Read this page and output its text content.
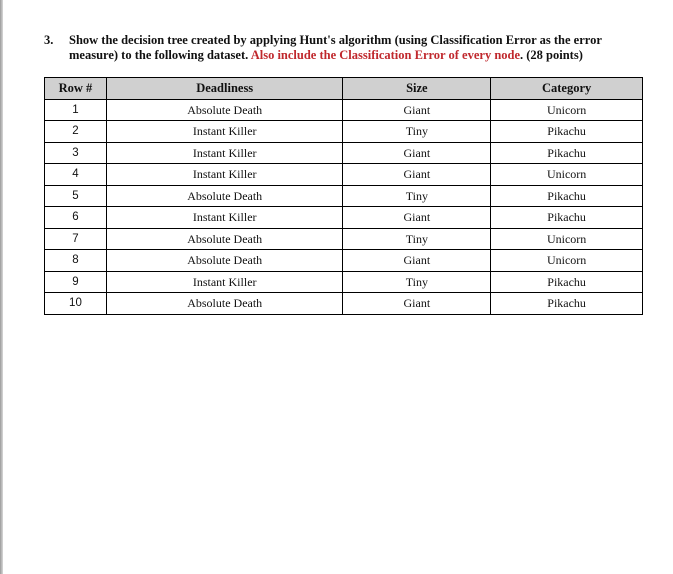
3. Show the decision tree created by applying Hunt's algorithm (using Classification Error as the error
measure) to the following dataset. Also include the Classification Error of every node. (28 points)
Row #	Deadliness	Size	Category
1	Absolute Death	Giant	Unicorn
2	Instant Killer	Tiny	Pikachu
3	Instant Killer	Giant	Pikachu
4	Instant Killer	Giant	Unicorn
5	Absolute Death	Tiny	Pikachu
6	Instant Killer	Giant	Pikachu
7	Absolute Death	Tiny	Unicorn
8	Absolute Death	Giant	Unicorn
9	Instant Killer	Tiny	Pikachu
10	Absolute Death	Giant	Pikachu
